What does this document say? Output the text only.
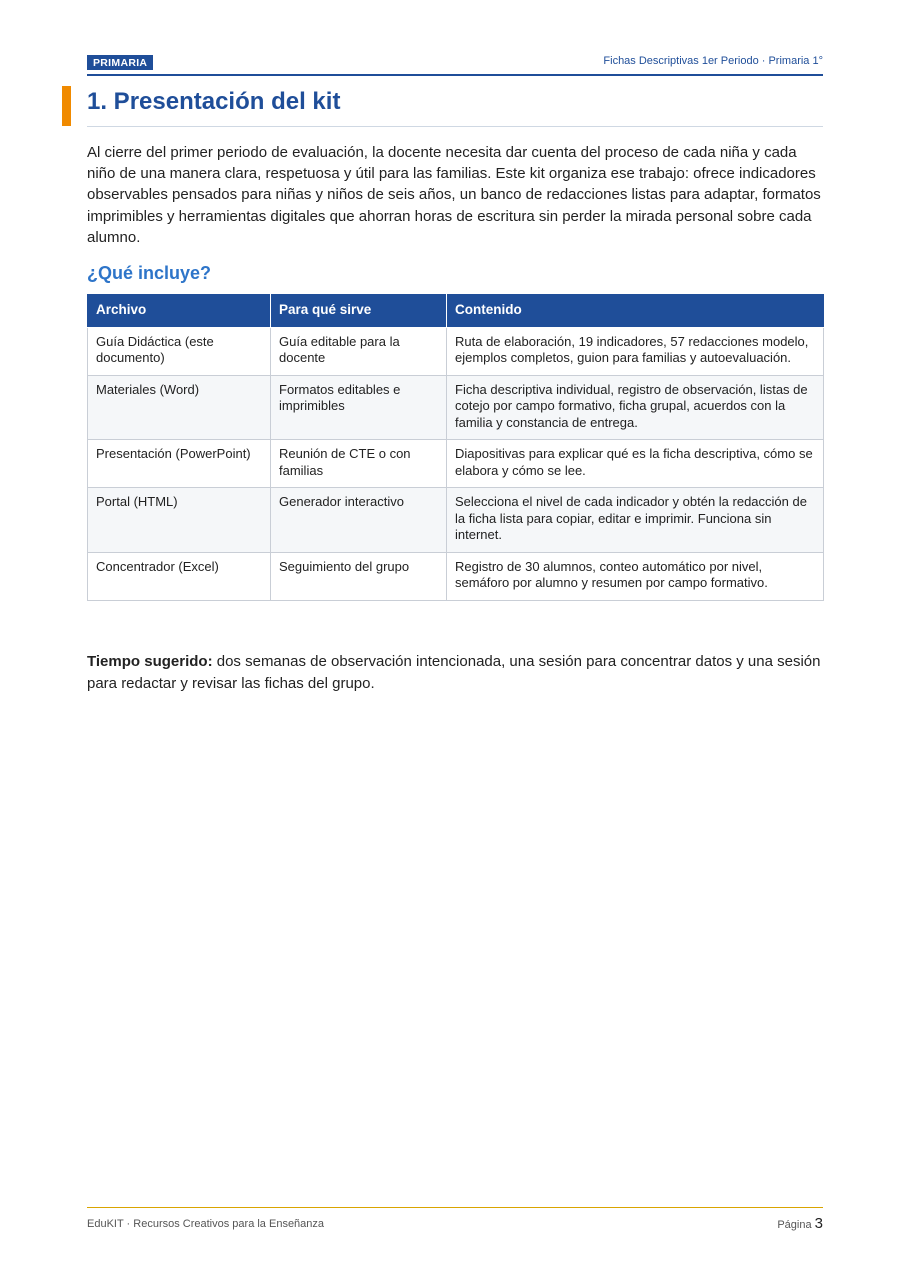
PRIMARIA	Fichas Descriptivas 1er Periodo · Primaria 1°
1. Presentación del kit

Al cierre del primer periodo de evaluación, la docente necesita dar cuenta del proceso de cada niña y cada niño de una manera clara, respetuosa y útil para las familias. Este kit organiza ese trabajo: ofrece indicadores observables pensados para niñas y niños de seis años, un banco de redacciones listas para adaptar, formatos imprimibles y herramientas digitales que ahorran horas de escritura sin perder la mirada personal sobre cada alumno.

¿Qué incluye?
Archivo	Para qué sirve	Contenido
Guía Didáctica (este documento)	Guía editable para la docente	Ruta de elaboración, 19 indicadores, 57 redacciones modelo, ejemplos completos, guion para familias y autoevaluación.
Materiales (Word)	Formatos editables e imprimibles	Ficha descriptiva individual, registro de observación, listas de cotejo por campo formativo, ficha grupal, acuerdos con la familia y constancia de entrega.
Presentación (PowerPoint)	Reunión de CTE o con familias	Diapositivas para explicar qué es la ficha descriptiva, cómo se elabora y cómo se lee.
Portal (HTML)	Generador interactivo	Selecciona el nivel de cada indicador y obtén la redacción de la ficha lista para copiar, editar e imprimir. Funciona sin internet.
Concentrador (Excel)	Seguimiento del grupo	Registro de 30 alumnos, conteo automático por nivel, semáforo por alumno y resumen por campo formativo.

Tiempo sugerido: dos semanas de observación intencionada, una sesión para concentrar datos y una sesión para redactar y revisar las fichas del grupo.

EduKIT · Recursos Creativos para la Enseñanza	Página 3
